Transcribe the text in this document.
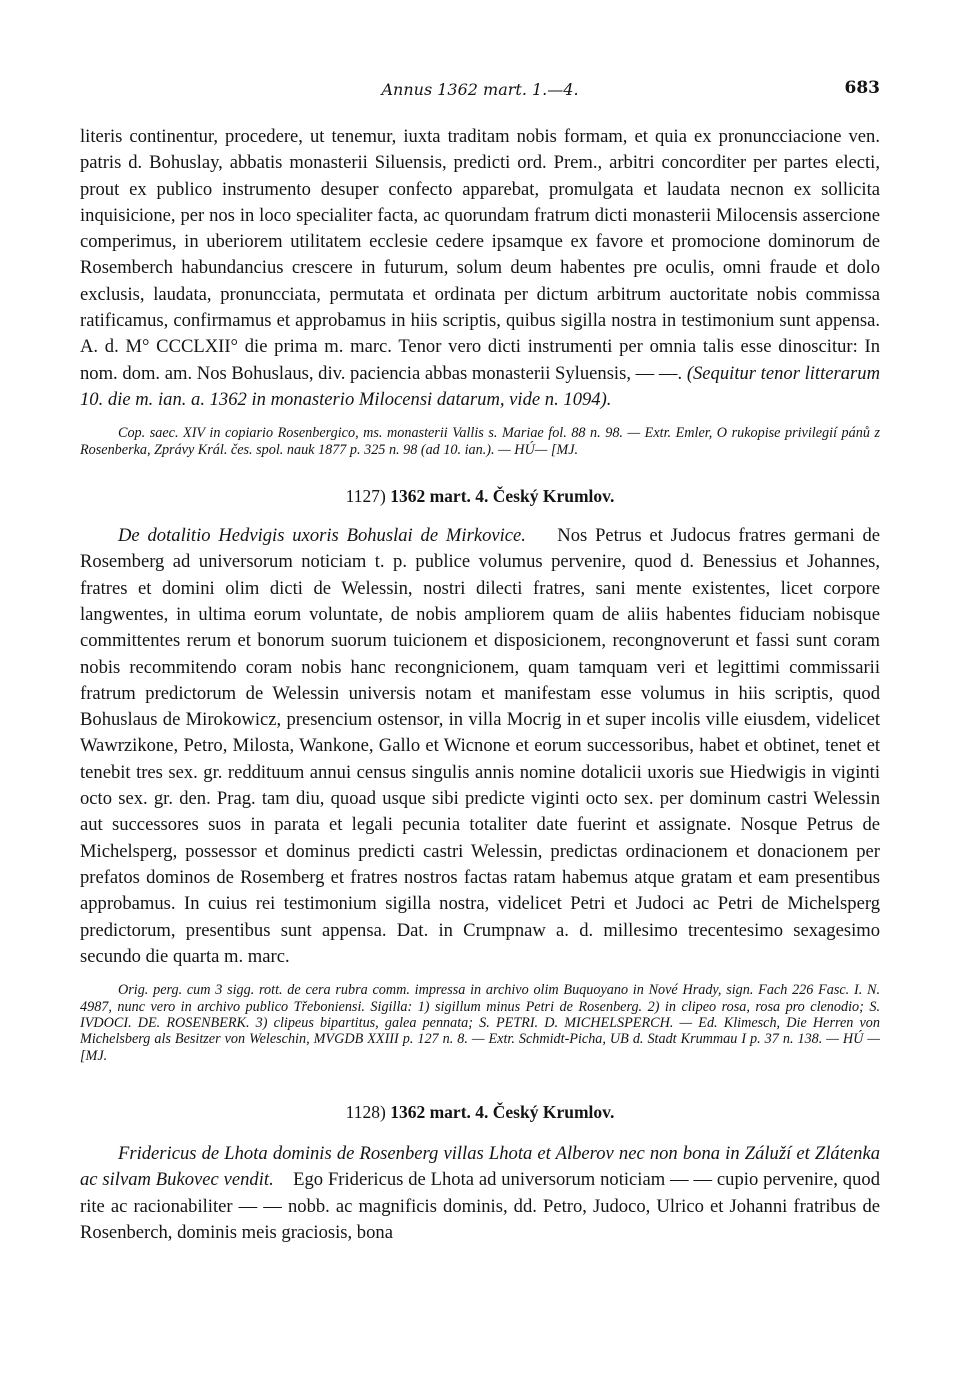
Annus 1362 mart. 1.—4.	683

literis continentur, procedere, ut tenemur, iuxta traditam nobis formam, et quia ex pronuncciacione ven. patris d. Bohuslay, abbatis monasterii Siluensis, predicti ord. Prem., arbitri concorditer per partes electi, prout ex publico instrumento desuper confecto apparebat, promulgata et laudata necnon ex sollicita inquisicione, per nos in loco specialiter facta, ac quorundam fratrum dicti monasterii Milocensis assercione comperimus, in uberiorem utilitatem ecclesie cedere ipsamque ex favore et promocione dominorum de Rosemberch habundancius crescere in futurum, solum deum habentes pre oculis, omni fraude et dolo exclusis, laudata, pronuncciata, permutata et ordinata per dictum arbitrum auctoritate nobis commissa ratificamus, confirmamus et approbamus in hiis scriptis, quibus sigilla nostra in testimonium sunt appensa. A. d. M° CCCLXII° die prima m. marc. Tenor vero dicti instrumenti per omnia talis esse dinoscitur: In nom. dom. am. Nos Bohuslaus, div. paciencia abbas monasterii Syluensis, — —. (Sequitur tenor litterarum 10. die m. ian. a. 1362 in monasterio Milocensi datarum, vide n. 1094).

Cop. saec. XIV in copiario Rosenbergico, ms. monasterii Vallis s. Mariae fol. 88 n. 98. — Extr. Emler, O rukopise privilegií pánů z Rosenberka, Zprávy Král. čes. spol. nauk 1877 p. 325 n. 98 (ad 10. ian.). — HÚ— [MJ.

1127) 1362 mart. 4. Český Krumlov.

De dotalitio Hedvigis uxoris Bohuslai de Mirkovice. Nos Petrus et Judocus fratres germani de Rosemberg ad universorum noticiam t. p. publice volumus pervenire, quod d. Benessius et Johannes, fratres et domini olim dicti de Welessin, nostri dilecti fratres, sani mente existentes, licet corpore langwentes, in ultima eorum voluntate, de nobis ampliorem quam de aliis habentes fiduciam nobisque committentes rerum et bonorum suorum tuicionem et disposicionem, recongnoverunt et fassi sunt coram nobis recommitendo coram nobis hanc recongnicionem, quam tamquam veri et legittimi commissarii fratrum predictorum de Welessin universis notam et manifestam esse volumus in hiis scriptis, quod Bohuslaus de Mirokowicz, presencium ostensor, in villa Mocrig in et super incolis ville eiusdem, videlicet Wawrzikone, Petro, Milosta, Wankone, Gallo et Wicnone et eorum successoribus, habet et obtinet, tenet et tenebit tres sex. gr. reddituum annui census singulis annis nomine dotalicii uxoris sue Hiedwigis in viginti octo sex. gr. den. Prag. tam diu, quoad usque sibi predicte viginti octo sex. per dominum castri Welessin aut successores suos in parata et legali pecunia totaliter date fuerint et assignate. Nosque Petrus de Michelsperg, possessor et dominus predicti castri Welessin, predictas ordinacionem et donacionem per prefatos dominos de Rosemberg et fratres nostros factas ratam habemus atque gratam et eam presentibus approbamus. In cuius rei testimonium sigilla nostra, videlicet Petri et Judoci ac Petri de Michelsperg predictorum, presentibus sunt appensa. Dat. in Crumpnaw a. d. millesimo trecentesimo sexagesimo secundo die quarta m. marc.

Orig. perg. cum 3 sigg. rott. de cera rubra comm. impressa in archivo olim Buquoyano in Nové Hrady, sign. Fach 226 Fasc. I. N. 4987, nunc vero in archivo publico Třeboniensi. Sigilla: 1) sigillum minus Petri de Rosenberg. 2) in clipeo rosa, rosa pro clenodio; S. IVDOCI. DE. ROSENBERK. 3) clipeus bipartitus, galea pennata; S. PETRI. D. MICHELSPERCH. — Ed. Klimesch, Die Herren von Michelsberg als Besitzer von Weleschin, MVGDB XXIII p. 127 n. 8. — Extr. Schmidt-Picha, UB d. Stadt Krummau I p. 37 n. 138. — HÚ — [MJ.

1128) 1362 mart. 4. Český Krumlov.

Fridericus de Lhota dominis de Rosenberg villas Lhota et Alberov nec non bona in Záluží et Zlátenka ac silvam Bukovec vendit. Ego Fridericus de Lhota ad universorum noticiam — — cupio pervenire, quod rite ac racionabiliter — — nobb. ac magnificis dominis, dd. Petro, Judoco, Ulrico et Johanni fratribus de Rosenberch, dominis meis graciosis, bona
